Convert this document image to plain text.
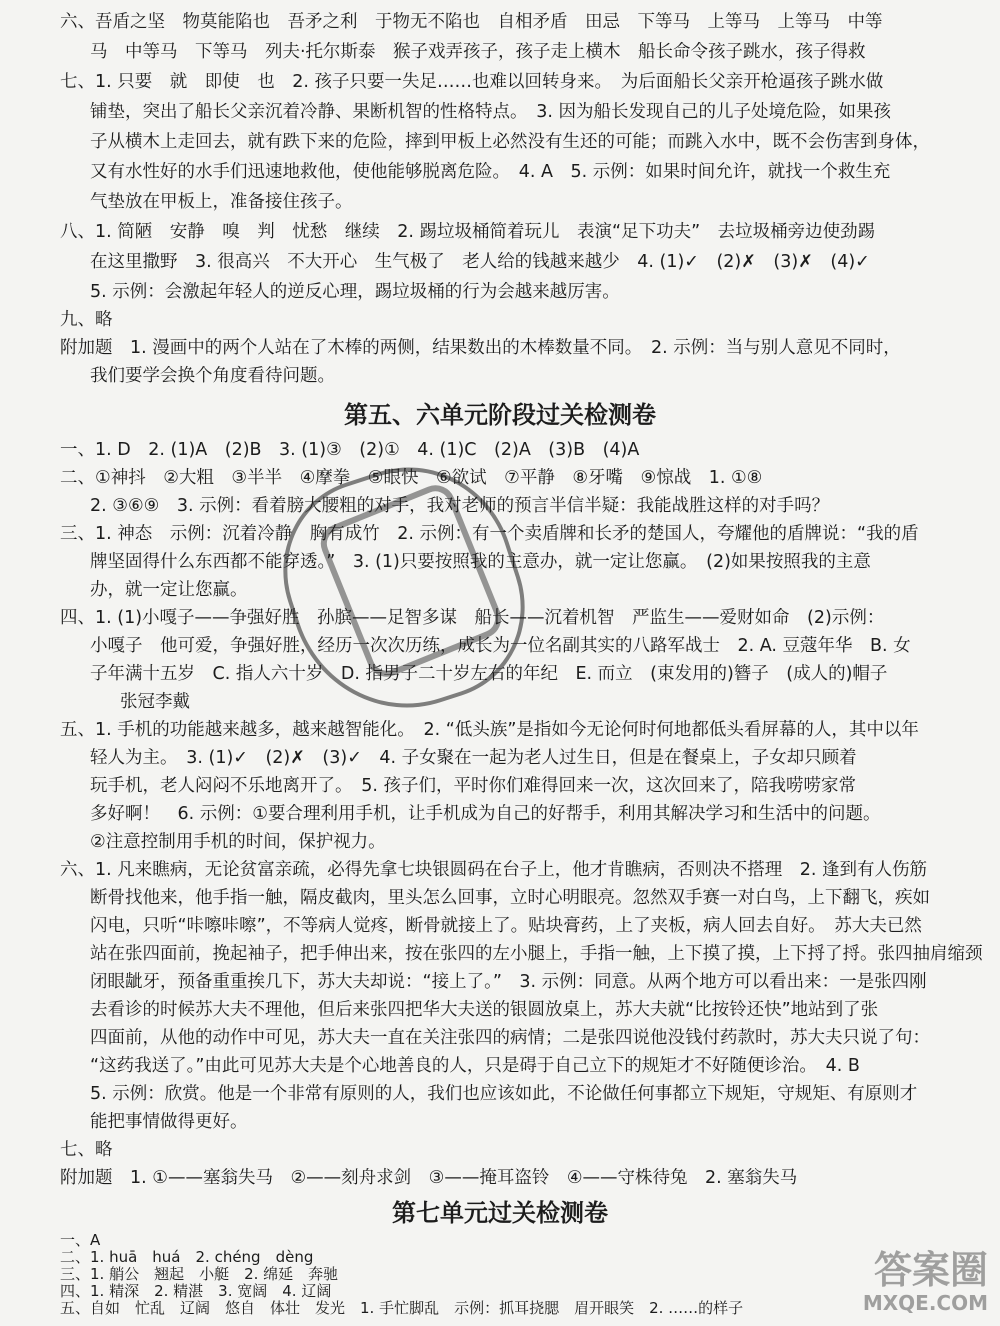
六、吾盾之坚　物莫能陷也　吾矛之利　于物无不陷也　自相矛盾　田忌　下等马　上等马　上等马　中等
马　中等马　下等马　列夫·托尔斯泰　猴子戏弄孩子，孩子走上横木　船长命令孩子跳水，孩子得救
七、1. 只要　就　即使　也　2. 孩子只要一失足……也难以回转身来。　为后面船长父亲开枪逼孩子跳水做
铺垫，突出了船长父亲沉着冷静、果断机智的性格特点。　3. 因为船长发现自己的儿子处境危险，如果孩
子从横木上走回去，就有跌下来的危险，摔到甲板上必然没有生还的可能；而跳入水中，既不会伤害到身体，
又有水性好的水手们迅速地救他，使他能够脱离危险。　4. A　5. 示例：如果时间允许，就找一个救生充
气垫放在甲板上，准备接住孩子。
八、1. 简陋　安静　嗅　判　忧愁　继续　2. 踢垃圾桶简着玩儿　表演“足下功夫”　去垃圾桶旁边使劲踢
在这里撒野　3. 很高兴　不大开心　生气极了　老人给的钱越来越少　4. (1)✓　(2)✗　(3)✗　(4)✓
5. 示例：会激起年轻人的逆反心理，踢垃圾桶的行为会越来越厉害。
九、略
附加题　1. 漫画中的两个人站在了木棒的两侧，结果数出的木棒数量不同。　2. 示例：当与别人意见不同时，
我们要学会换个角度看待问题。
第五、六单元阶段过关检测卷
一、1. D　2. (1)A　(2)B　3. (1)③　(2)①　4. (1)C　(2)A　(3)B　(4)A
二、①神抖　②大粗　③半半　④摩拳　⑤眼快　⑥欲试　⑦平静　⑧牙嘴　⑨惊战　1. ①⑧
2. ③⑥⑨　3. 示例：看着膀大腰粗的对手，我对老师的预言半信半疑：我能战胜这样的对手吗？
三、1. 神态　示例：沉着冷静　胸有成竹　2. 示例：有一个卖盾牌和长矛的楚国人，夸耀他的盾牌说：“我的盾
牌坚固得什么东西都不能穿透。”　3. (1)只要按照我的主意办，就一定让您赢。　(2)如果按照我的主意
办，就一定让您赢。
四、1. (1)小嘎子——争强好胜　孙膑——足智多谋　船长——沉着机智　严监生——爱财如命　(2)示例：
小嘎子　他可爱，争强好胜，经历一次次历练，成长为一位名副其实的八路军战士　2. A. 豆蔻年华　B. 女
子年满十五岁　C. 指人六十岁　D. 指男子二十岁左右的年纪　E. 而立　(束发用的)簪子　(成人的)帽子
张冠李戴
五、1. 手机的功能越来越多，越来越智能化。　2. “低头族”是指如今无论何时何地都低头看屏幕的人，其中以年
轻人为主。　3. (1)✓　(2)✗　(3)✓　4. 子女聚在一起为老人过生日，但是在餐桌上，子女却只顾着
玩手机，老人闷闷不乐地离开了。　5. 孩子们，平时你们难得回来一次，这次回来了，陪我唠唠家常
多好啊！　6. 示例：①要合理利用手机，让手机成为自己的好帮手，利用其解决学习和生活中的问题。
②注意控制用手机的时间，保护视力。
六、1. 凡来瞧病，无论贫富亲疏，必得先拿七块银圆码在台子上，他才肯瞧病，否则决不搭理　2. 逢到有人伤筋
断骨找他来，他手指一触，隔皮截肉，里头怎么回事，立时心明眼亮。忽然双手赛一对白鸟，上下翻飞，疾如
闪电，只听“咔嚓咔嚓”，不等病人觉疼，断骨就接上了。贴块膏药，上了夹板，病人回去自好。　苏大夫已然
站在张四面前，挽起袖子，把手伸出来，按在张四的左小腿上，手指一触，上下摸了摸，上下捋了捋。张四抽肩缩颈
闭眼龇牙，预备重重挨几下，苏大夫却说：“接上了。”　3. 示例：同意。从两个地方可以看出来：一是张四刚
去看诊的时候苏大夫不理他，但后来张四把华大夫送的银圆放桌上，苏大夫就“比按铃还快”地站到了张
四面前，从他的动作中可见，苏大夫一直在关注张四的病情；二是张四说他没钱付药款时，苏大夫只说了句：
“这药我送了。”由此可见苏大夫是个心地善良的人，只是碍于自己立下的规矩才不好随便诊治。　4. B
5. 示例：欣赏。他是一个非常有原则的人，我们也应该如此，不论做任何事都立下规矩，守规矩、有原则才
能把事情做得更好。
七、略
附加题　1. ①——塞翁失马　②——刻舟求剑　③——掩耳盗铃　④——守株待兔　2. 塞翁失马
第七单元过关检测卷
一、A
二、1. huā　huá　2. chéng　dèng
三、1. 艄公　翘起　小艇　2. 绵延　奔驰
四、1. 精深　2. 精湛　3. 宽阔　4. 辽阔
五、自如　忙乱　辽阔　悠自　体壮　发光　1. 手忙脚乱　示例：抓耳挠腮　眉开眼笑　2. ……的样子
答案圈
MXQE.COM
